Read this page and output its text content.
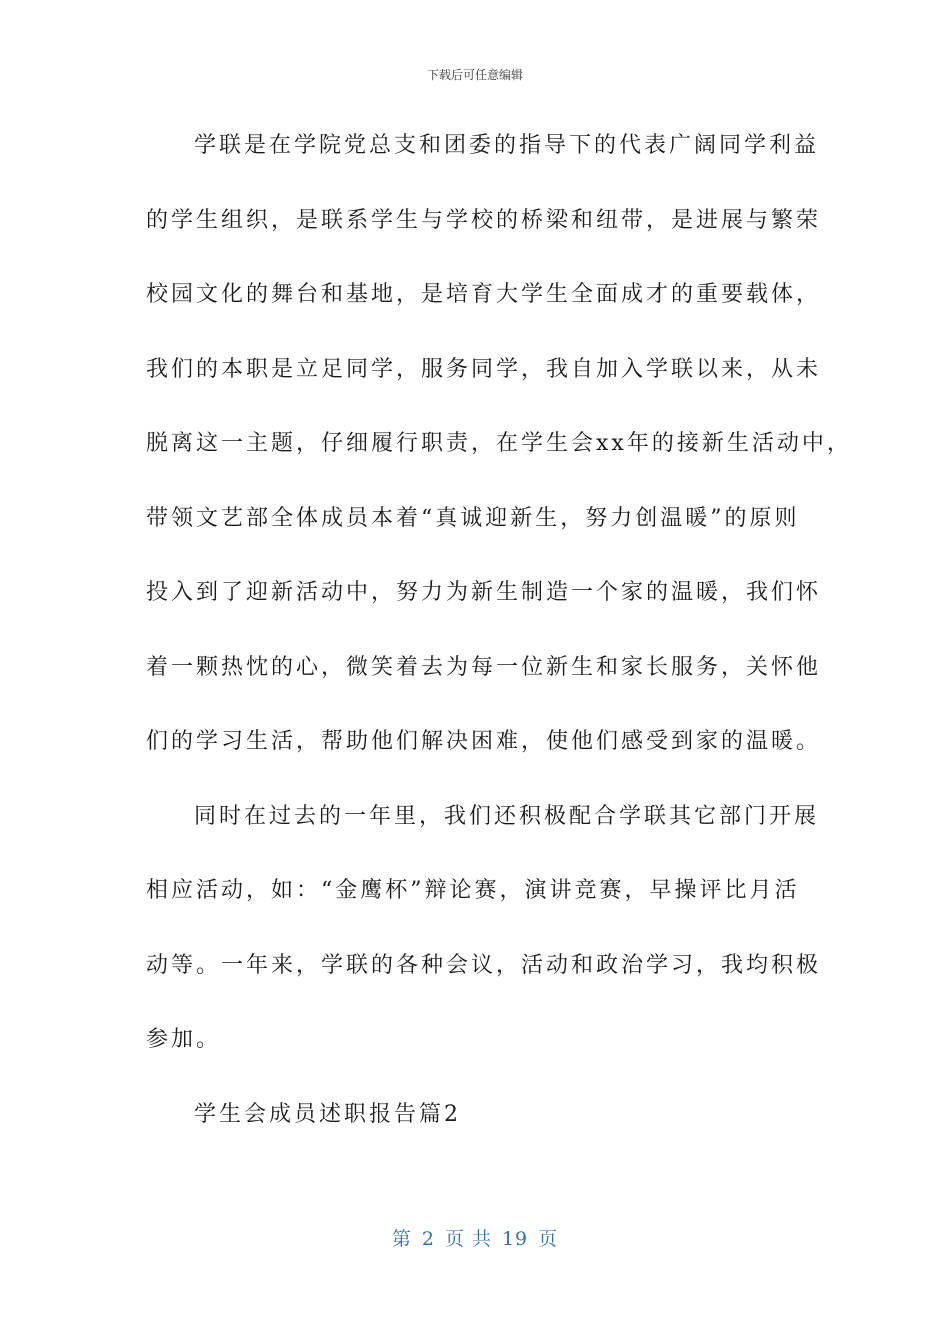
下载后可任意编辑
学联是在学院党总支和团委的指导下的代表广阔同学利益
的学生组织，是联系学生与学校的桥梁和纽带，是进展与繁荣
校园文化的舞台和基地，是培育大学生全面成才的重要载体，
我们的本职是立足同学，服务同学，我自加入学联以来，从未
脱离这一主题，仔细履行职责，在学生会xx年的接新生活动中，
带领文艺部全体成员本着“真诚迎新生，努力创温暖”的原则
投入到了迎新活动中，努力为新生制造一个家的温暖，我们怀
着一颗热忱的心，微笑着去为每一位新生和家长服务，关怀他
们的学习生活，帮助他们解决困难，使他们感受到家的温暖。
同时在过去的一年里，我们还积极配合学联其它部门开展
相应活动，如：“金鹰杯”辩论赛，演讲竞赛，早操评比月活
动等。一年来，学联的各种会议，活动和政治学习，我均积极
参加。
学生会成员述职报告篇2
第 2 页 共 19 页
